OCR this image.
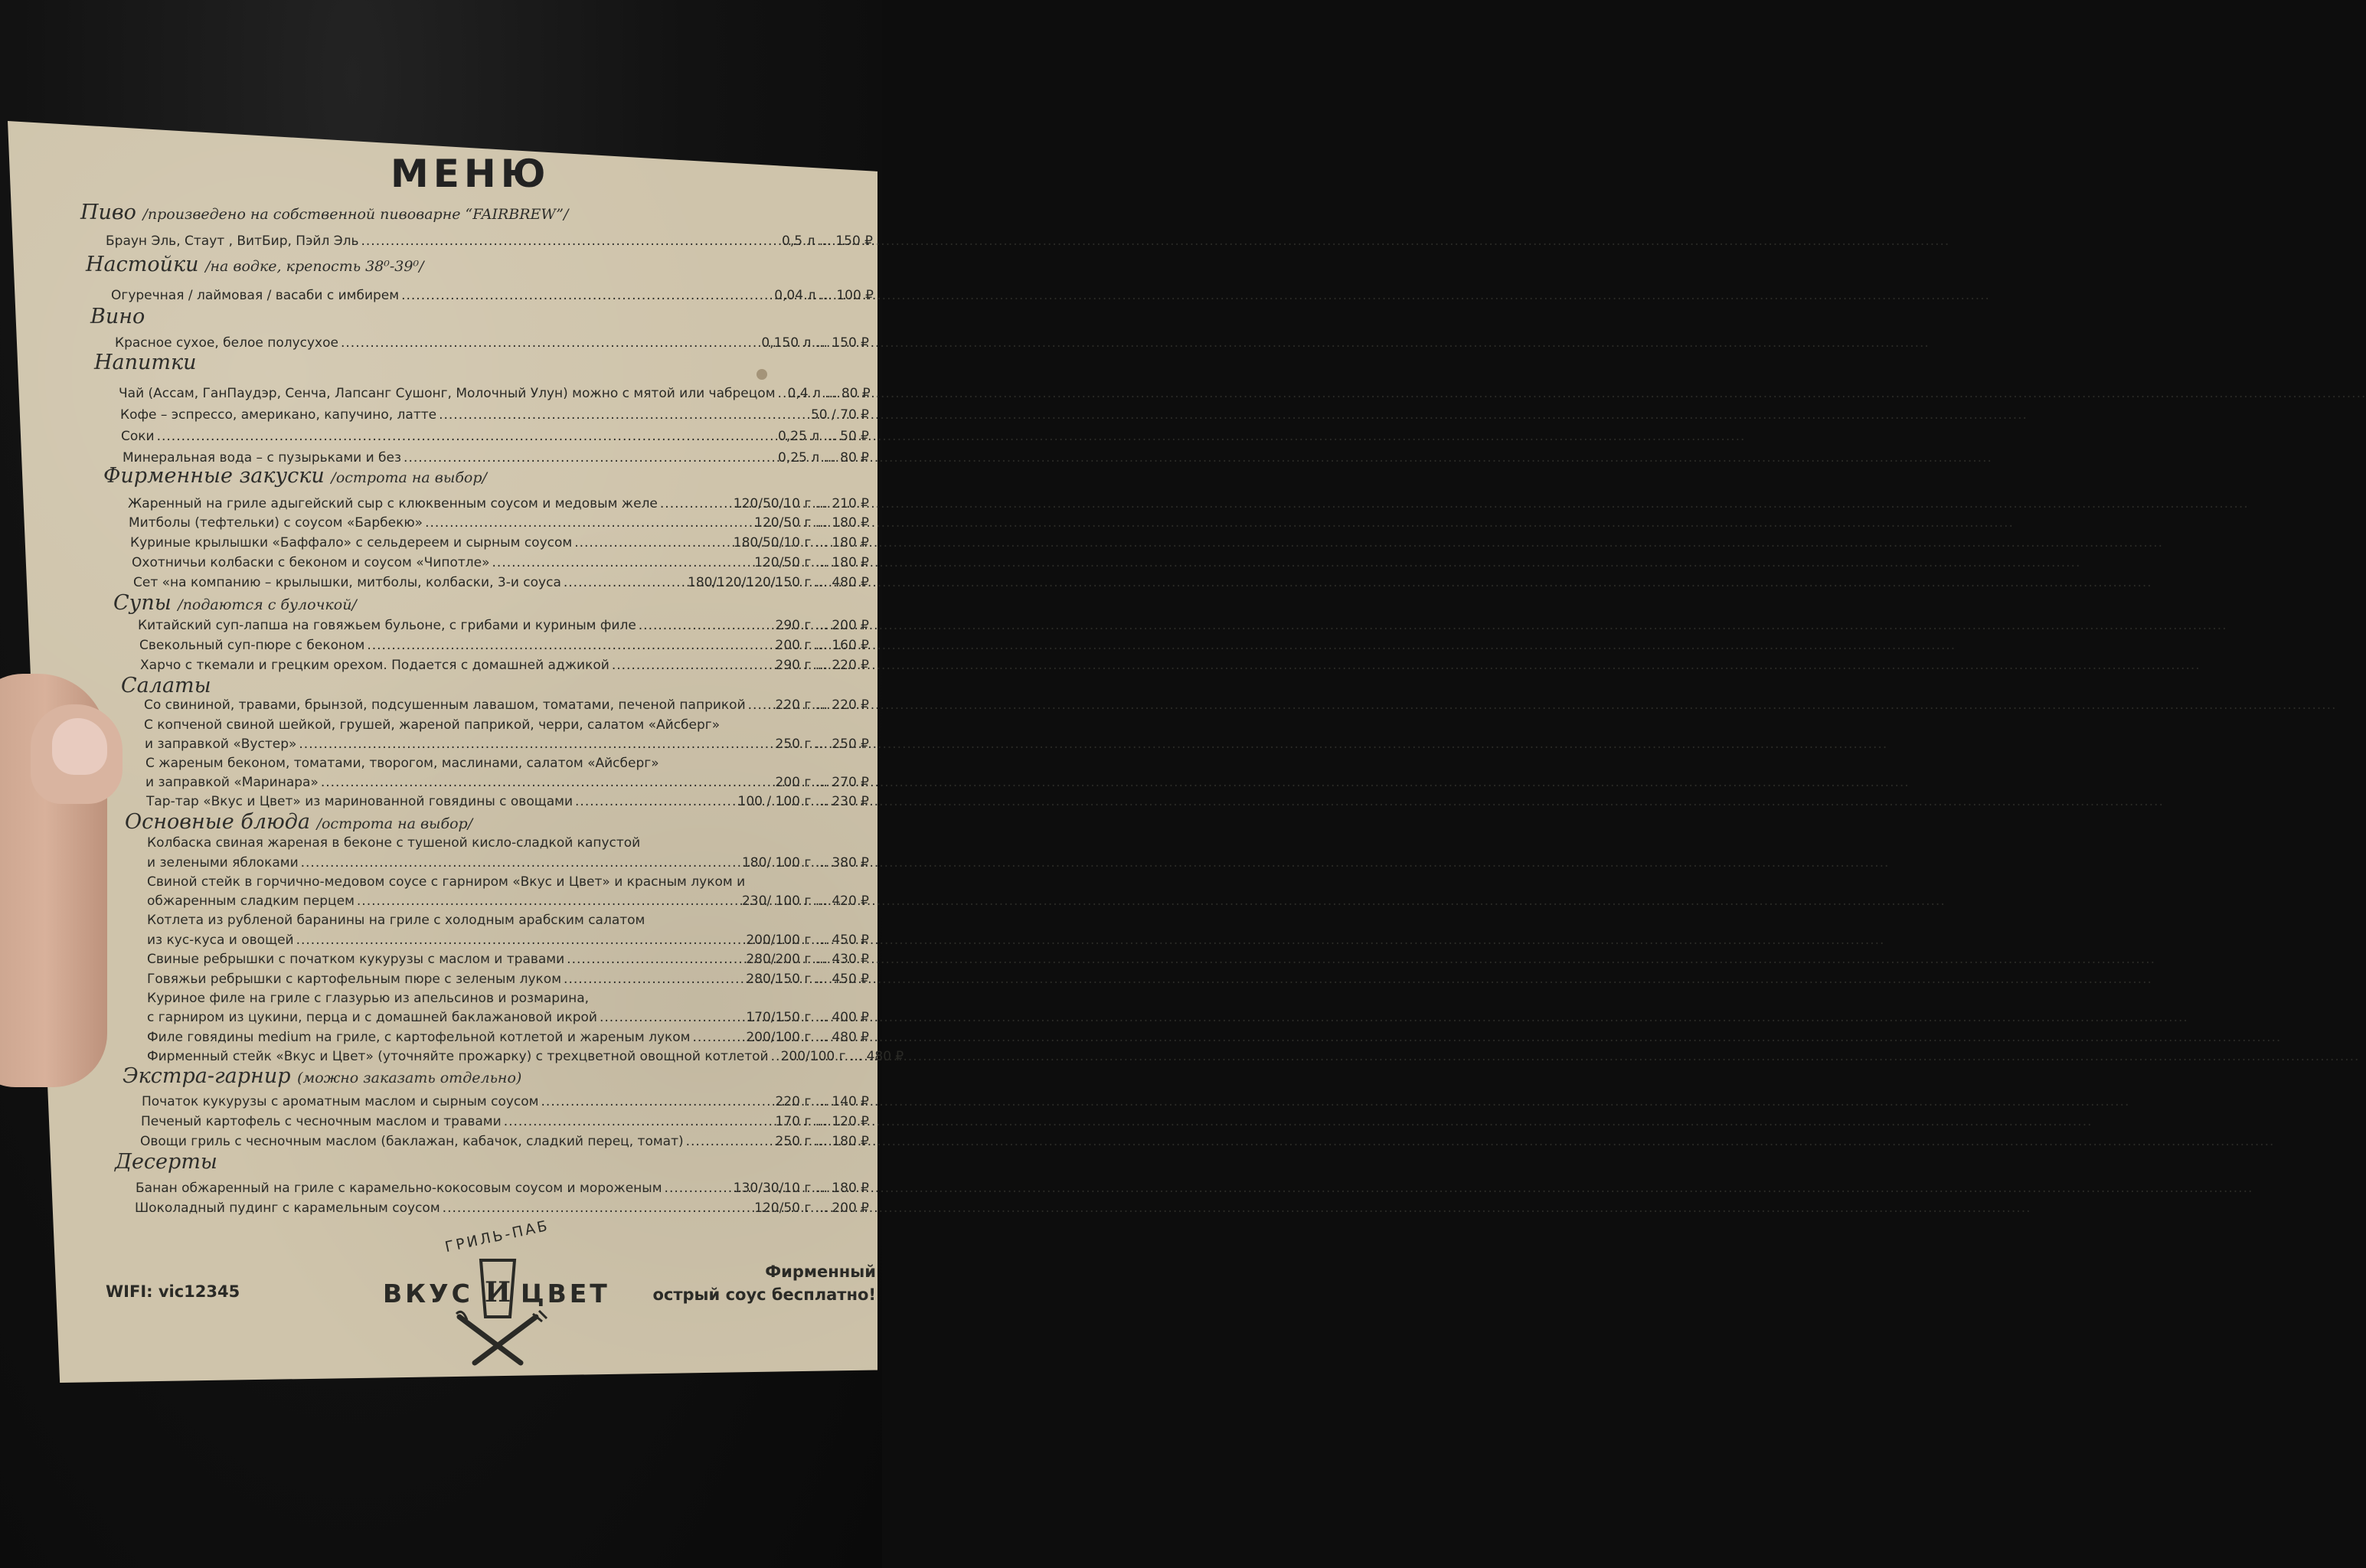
МЕНЮ
Пиво /произведено на собственной пивоварне “FAIRBREW”/
Браун Эль, Стаут , ВитБир, Пэйл Эль .....	0,5 л ... 150 ₽
Настойки /на водке, крепость 38⁰-39⁰/
Огуречная / лаймовая / васаби с имбирем .....	0,04 л ... 100 ₽
Вино
Красное сухое, белое полусухое .....	0,150 л ... 150 ₽
Напитки
Чай (Ассам, ГанПаудэр, Сенча, Лапсанг Сушонг, Молочный Улун) можно с мятой или чабрецом ..... 0,4 л ... 80 ₽
Кофе – эспрессо, американо, капучино, латте .....	50 / 70 ₽
Соки .....	0,25 л ... 50 ₽
Минеральная вода – с пузырьками и без .....	0,25 л ... 80 ₽
Фирменные закуски /острота на выбор/
Жаренный на гриле адыгейский сыр с клюквенным соусом и медовым желе .....	120/50/10 г ... 210 ₽
Митболы (тефтельки) с соусом «Барбекю» .....	120/50 г ... 180 ₽
Куриные крылышки «Баффало» с сельдереем и сырным соусом .....	180/50/10 г ... 180 ₽
Охотничьи колбаски с беконом и соусом «Чипотле» .....	120/50 г ... 180 ₽
Сет «на компанию – крылышки, митболы, колбаски, 3-и соуса .....	180/120/120/150 г ... 480 ₽
Супы /подаются с булочкой/
Китайский суп-лапша на говяжьем бульоне, с грибами и куриным филе .....	290 г ... 200 ₽
Свекольный суп-пюре с беконом .....	200 г ... 160 ₽
Харчо с ткемали и грецким орехом. Подается с домашней аджикой .....	290 г ... 220 ₽
Салаты
Со свининой, травами, брынзой, подсушенным лавашом, томатами, печеной паприкой ..... 220 г ... 220 ₽
С копченой свиной шейкой, грушей, жареной паприкой, черри, салатом «Айсберг»
и заправкой «Вустер» .....	250 г ... 250 ₽
С жареным беконом, томатами, творогом, маслинами, салатом «Айсберг»
и заправкой «Маринара» .....	200 г ... 270 ₽
Тар-тар «Вкус и Цвет» из маринованной говядины с овощами .....	100 / 100 г ... 230 ₽
Основные блюда /острота на выбор/
Колбаска свиная жареная в беконе с тушеной кисло-сладкой капустой
и зелеными яблоками .....	180/ 100 г ... 380 ₽
Свиной стейк в горчично-медовом соусе с гарниром «Вкус и Цвет» и красным луком и
обжаренным сладким перцем .....	230/ 100 г ... 420 ₽
Котлета из рубленой баранины на гриле с холодным арабским салатом
из кус-куса и овощей .....	200/100 г ... 450 ₽
Свиные ребрышки с початком кукурузы с маслом и травами .....	280/200 г ... 430 ₽
Говяжьи ребрышки с картофельным пюре с зеленым луком .....	280/150 г ... 450 ₽
Куриное филе на гриле с глазурью из апельсинов и розмарина,
с гарниром из цукини, перца и с домашней баклажановой икрой .....	170/150 г ... 400 ₽
Филе говядины medium на гриле, с картофельной котлетой и жареным луком .....	200/100 г ... 480 ₽
Фирменный стейк «Вкус и Цвет» (уточняйте прожарку) с трехцветной овощной котлетой ..... 200/100 г ... 480 ₽
Экстра-гарнир (можно заказать отдельно)
Початок кукурузы с ароматным маслом и сырным соусом .....	220 г ... 140 ₽
Печеный картофель с чесночным маслом и травами .....	170 г ... 120 ₽
Овощи гриль с чесночным маслом (баклажан, кабачок, сладкий перец, томат) .....	250 г ... 180 ₽
Десерты
Банан обжаренный на гриле с карамельно-кокосовым соусом и мороженым .....	130/30/10 г ... 180 ₽
Шоколадный пудинг с карамельным соусом .....	120/50 г ... 200 ₽
WIFI: vic12345
ГРИЛЬ-ПАБ
ВКУС ЦВЕТ
И
Фирменный
острый соус бесплатно!
